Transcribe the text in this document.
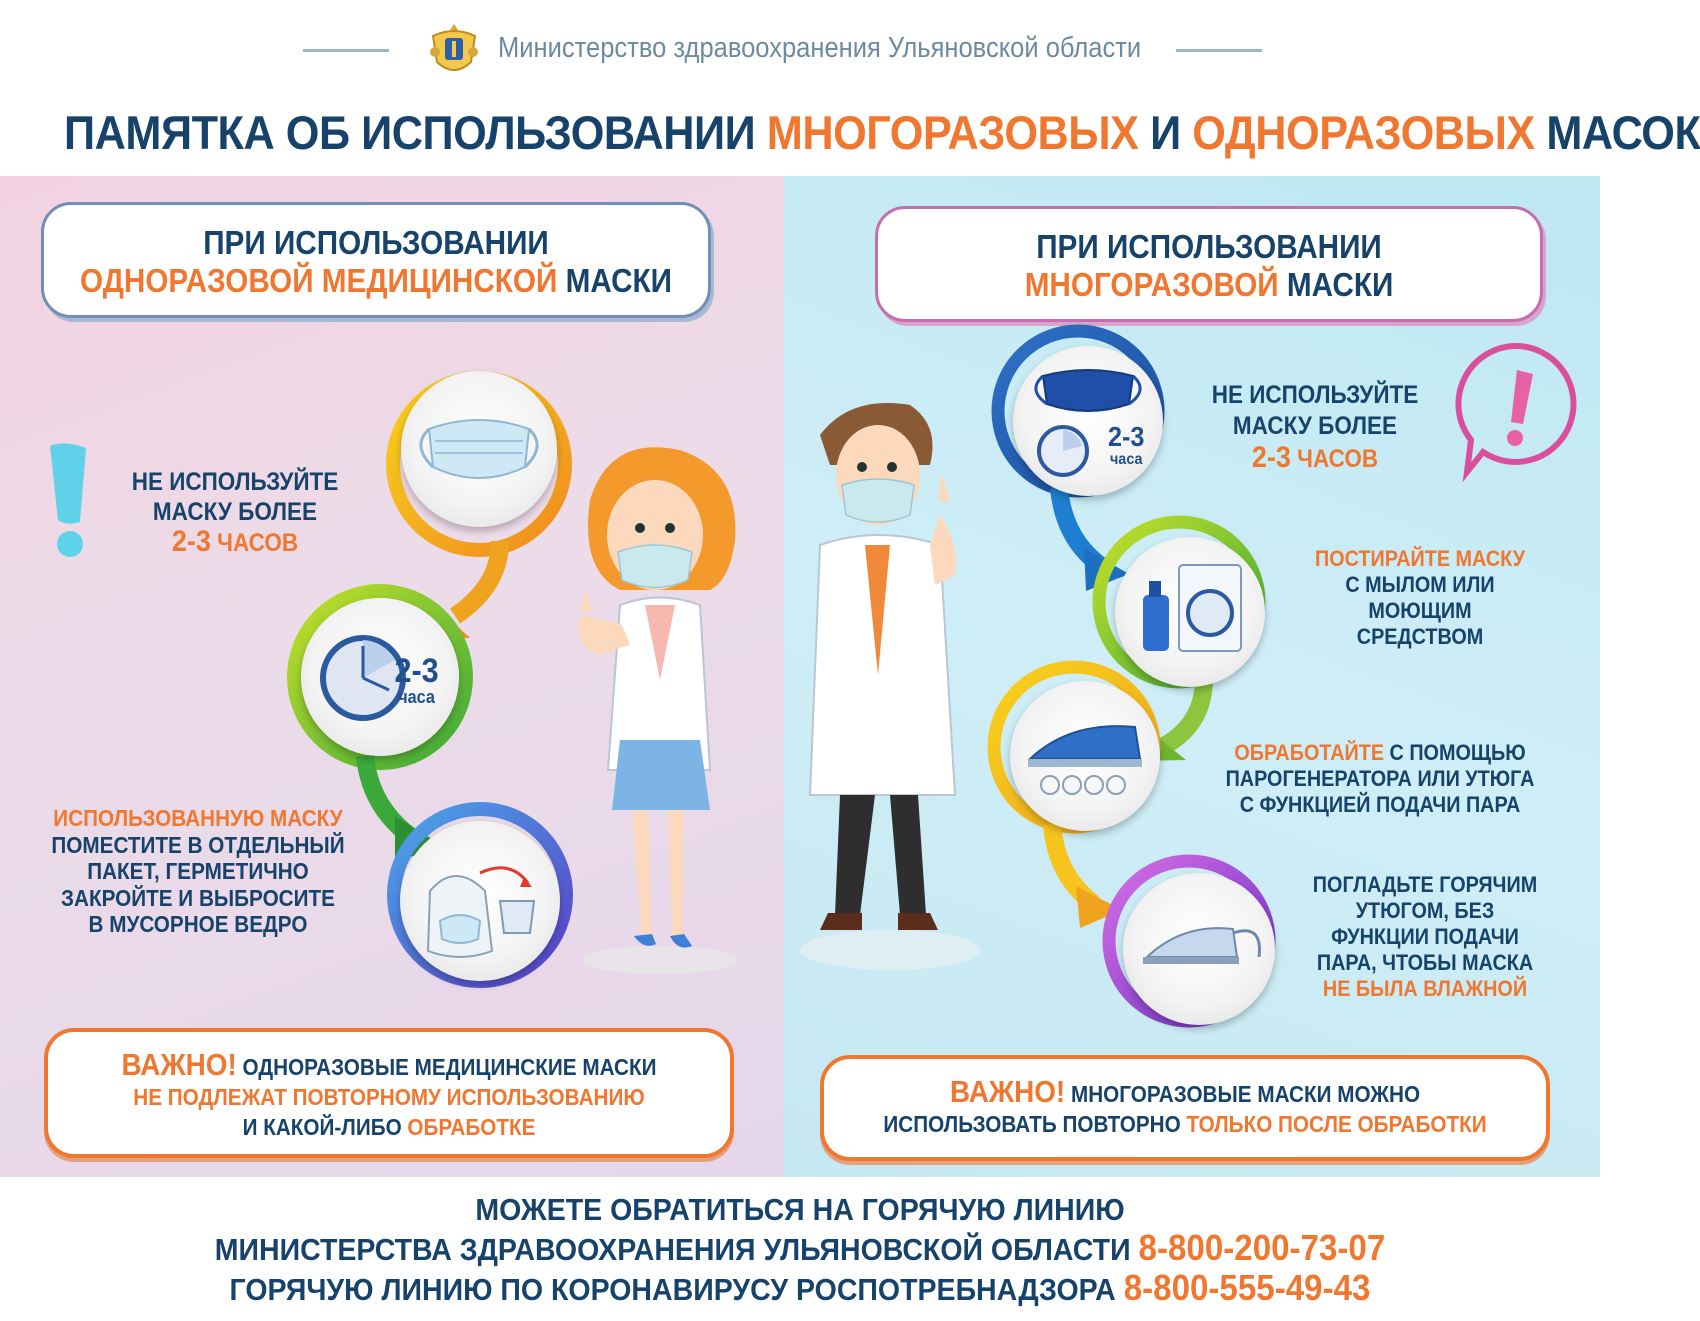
Министерство здравоохранения Ульяновской области
ПАМЯТКА ОБ ИСПОЛЬЗОВАНИИ МНОГОРАЗОВЫХ И ОДНОРАЗОВЫХ МАСОК
ПРИ ИСПОЛЬЗОВАНИИ
ОДНОРАЗОВОЙ МЕДИЦИНСКОЙ МАСКИ
ПРИ ИСПОЛЬЗОВАНИИ
МНОГОРАЗОВОЙ МАСКИ
2-3
часа
НЕ ИСПОЛЬЗУЙТЕ
МАСКУ БОЛЕЕ
2-3 ЧАСОВ
ИСПОЛЬЗОВАННУЮ МАСКУ
ПОМЕСТИТЕ В ОТДЕЛЬНЫЙ
ПАКЕТ, ГЕРМЕТИЧНО
ЗАКРОЙТЕ И ВЫБРОСИТЕ
В МУСОРНОЕ ВЕДРО
ВАЖНО! ОДНОРАЗОВЫЕ МЕДИЦИНСКИЕ МАСКИ
НЕ ПОДЛЕЖАТ ПОВТОРНОМУ ИСПОЛЬЗОВАНИЮ
И КАКОЙ-ЛИБО ОБРАБОТКЕ
2-3
часа
НЕ ИСПОЛЬЗУЙТЕ
МАСКУ БОЛЕЕ
2-3 ЧАСОВ
ПОСТИРАЙТЕ МАСКУ
С МЫЛОМ ИЛИ
МОЮЩИМ
СРЕДСТВОМ
ОБРАБОТАЙТЕ С ПОМОЩЬЮ
ПАРОГЕНЕРАТОРА ИЛИ УТЮГА
С ФУНКЦИЕЙ ПОДАЧИ ПАРА
ПОГЛАДЬТЕ ГОРЯЧИМ
УТЮГОМ, БЕЗ
ФУНКЦИИ ПОДАЧИ
ПАРА, ЧТОБЫ МАСКА
НЕ БЫЛА ВЛАЖНОЙ
ВАЖНО! МНОГОРАЗОВЫЕ МАСКИ МОЖНО
ИСПОЛЬЗОВАТЬ ПОВТОРНО ТОЛЬКО ПОСЛЕ ОБРАБОТКИ
МОЖЕТЕ ОБРАТИТЬСЯ НА ГОРЯЧУЮ ЛИНИЮ
МИНИСТЕРСТВА ЗДРАВООХРАНЕНИЯ УЛЬЯНОВСКОЙ ОБЛАСТИ 8-800-200-73-07
ГОРЯЧУЮ ЛИНИЮ ПО КОРОНАВИРУСУ РОСПОТРЕБНАДЗОРА 8-800-555-49-43
